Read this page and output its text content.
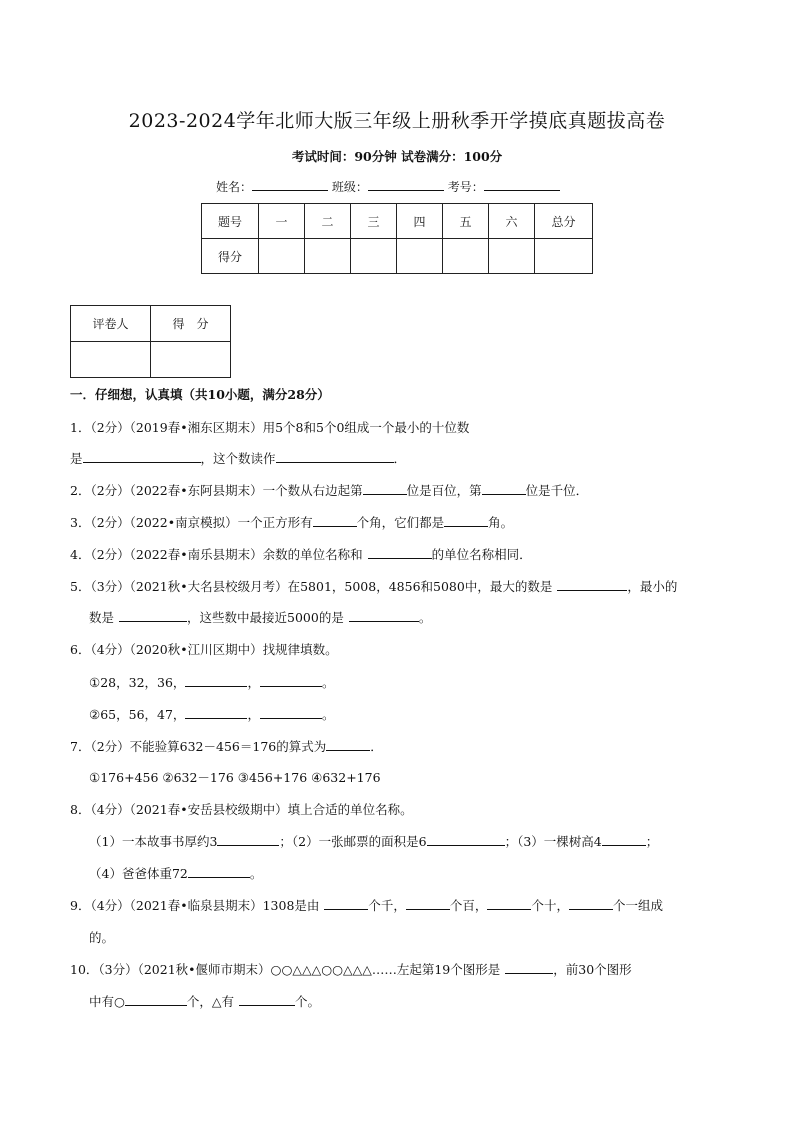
2023-2024学年北师大版三年级上册秋季开学摸底真题拔高卷
考试时间：90分钟 试卷满分：100分
姓名：	班级：	考号：
题号	一	二	三	四	五	六	总分
得分							
评卷人	得　分

一．仔细想，认真填（共10小题，满分28分）
1．（2分）（2019春•湘东区期末）用5个8和5个0组成一个最小的十位数
是	，这个数读作	．
2．（2分）（2022春•东阿县期末）一个数从右边起第	位是百位，第	位是千位．
3．（2分）（2022•南京模拟）一个正方形有	个角，它们都是	角。
4．（2分）（2022春•南乐县期末）余数的单位名称和	的单位名称相同．
5．（3分）（2021秋•大名县校级月考）在5801，5008，4856和5080中，最大的数是	，最小的
数是	，这些数中最接近5000的是	。
6．（4分）（2020秋•江川区期中）找规律填数。
①28，32，36，	，	。
②65，56，47，	，	。
7．（2分）不能验算632－456＝176的算式为	．
①176+456 ②632－176 ③456+176 ④632+176
8．（4分）（2021春•安岳县校级期中）填上合适的单位名称。
（1）一本故事书厚约3	；（2）一张邮票的面积是6	；（3）一棵树高4	；
（4）爸爸体重72	。
9．（4分）（2021春•临泉县期末）1308是由	个千，	个百，	个十，	个一组成
的。
10．（3分）（2021秋•偃师市期末）○○△△△○○△△△……左起第19个图形是	，前30个图形
中有○	个，△有	个。
